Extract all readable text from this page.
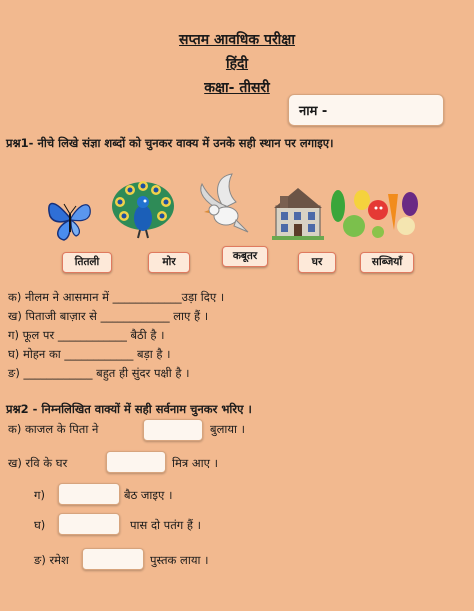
सप्तम आवधिक परीक्षा
हिंदी
कक्षा- तीसरी
नाम -
प्रश्न1- नीचे लिखे संज्ञा शब्दों को चुनकर वाक्य में उनके सही स्थान पर लगाइए।
तितली	मोर	कबूतर	घर	सब्जियाँ
क) नीलम ने आसमान में ____________उड़ा दिए ।
ख) पिताजी बाज़ार से ____________ लाए हैं ।
ग) फूल पर ____________ बैठी है ।
घ) मोहन का ____________ बड़ा है ।
ङ) ____________ बहुत ही सुंदर पक्षी है ।
प्रश्न2 - निम्नलिखित वाक्यों में सही सर्वनाम चुनकर भरिए ।
क) काजल के पिता ने	बुलाया ।
ख) रवि के घर	मित्र आए ।
ग)	बैठ जाइए ।
घ)	पास दो पतंग हैं ।
ङ) रमेश	पुस्तक लाया ।
